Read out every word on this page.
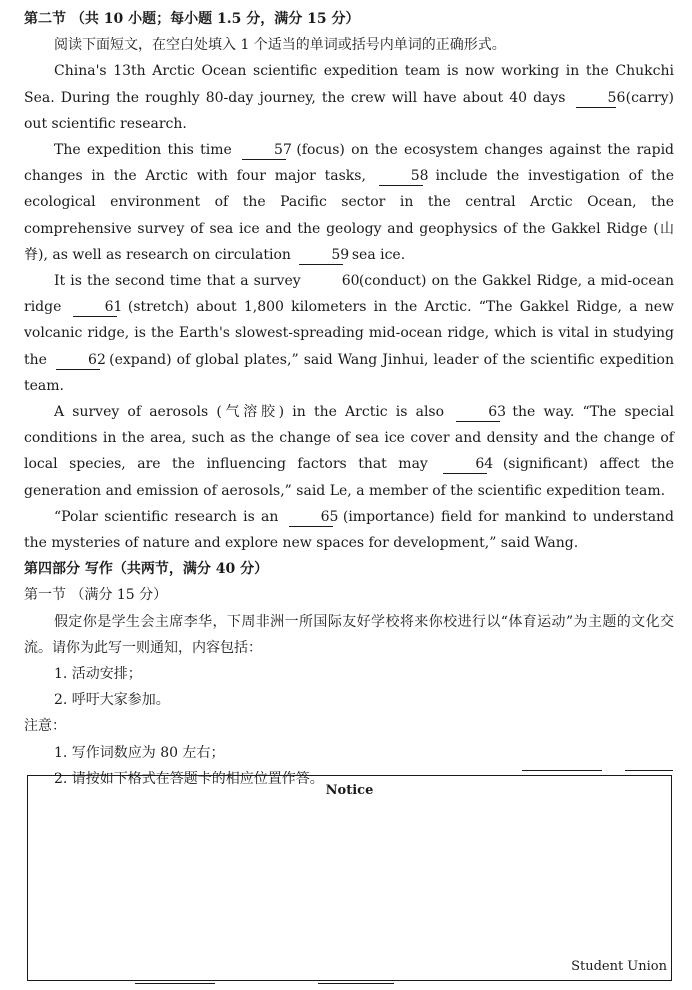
第二节 （共 10 小题；每小题 1.5 分，满分 15 分）

阅读下面短文，在空白处填入 1 个适当的单词或括号内单词的正确形式。

China's 13th Arctic Ocean scientific expedition team is now working in the Chukchi Sea. During the roughly 80-day journey, the crew will have about 40 days	56 (carry) out scientific research.

The expedition this time	57 (focus) on the ecosystem changes against the rapid changes in the Arctic with four major tasks,	58 include the investigation of the ecological environment of the Pacific sector in the central Arctic Ocean, the comprehensive survey of sea ice and the geology and geophysics of the Gakkel Ridge (山脊), as well as research on circulation	59 sea ice.

It is the second time that a survey	60 (conduct) on the Gakkel Ridge, a mid-ocean ridge	61 (stretch) about 1,800 kilometers in the Arctic. “The Gakkel Ridge, a new volcanic ridge, is the Earth's slowest-spreading mid-ocean ridge, which is vital in studying the	62 (expand) of global plates,” said Wang Jinhui, leader of the scientific expedition team.

A survey of aerosols (气溶胶) in the Arctic is also	63 the way. “The special conditions in the area, such as the change of sea ice cover and density and the change of local species, are the influencing factors that may	64 (significant) affect the generation and emission of aerosols,” said Le, a member of the scientific expedition team.

“Polar scientific research is an	65 (importance) field for mankind to understand the mysteries of nature and explore new spaces for development,” said Wang.

第四部分 写作（共两节，满分 40 分）

第一节 （满分 15 分）

假定你是学生会主席李华，下周非洲一所国际友好学校将来你校进行以“体育运动”为主题的文化交流。请你为此写一则通知，内容包括：

1. 活动安排；

2. 呼吁大家参加。

注意：

1. 写作词数应为 80 左右；

2. 请按如下格式在答题卡的相应位置作答。

Notice
Student Union
